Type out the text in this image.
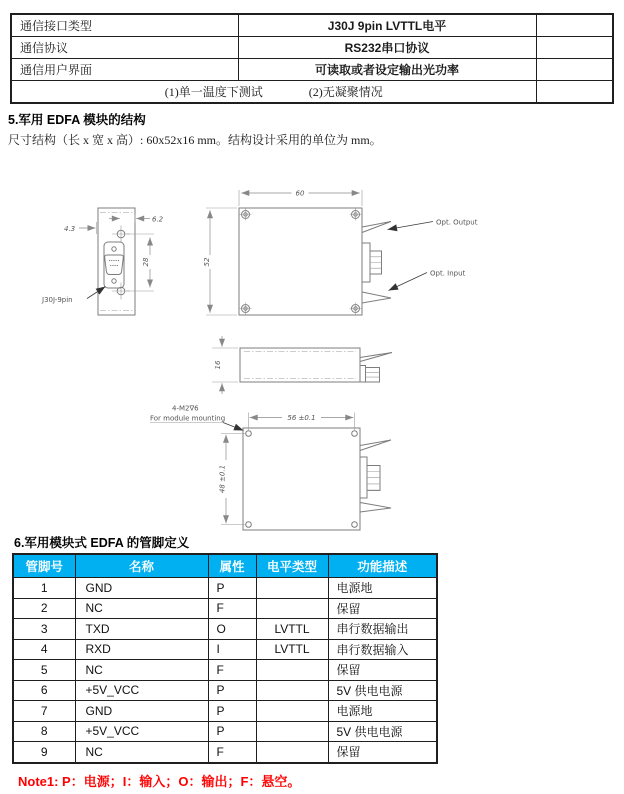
通信接口类型	J30J 9pin LVTTL电平	
通信协议	RS232串口协议	
通信用户界面	可读取或者设定输出光功率	

(1)单一温度下测试 (2)无凝聚情况		

5.军用 EDFA 模块的结构
尺寸结构（长 x 宽 x 高）: 60x52x16 mm。结构设计采用的单位为 mm。
6.2
4.3
28
J30J-9pin
60
52
Opt. Output
Opt. Input
16
56 ±0.1
48 ±0.1
4-M2∇6
For module mounting
6.军用模块式 EDFA 的管脚定义
管脚号	名称	属性	电平类型	功能描述
1	GND	P		电源地
2	NC	F		保留
3	TXD	O	LVTTL	串行数据输出
4	RXD	I	LVTTL	串行数据输入
5	NC	F		保留
6	+5V_VCC	P		5V 供电电源
7	GND	P		电源地
8	+5V_VCC	P		5V 供电电源
9	NC	F		保留
Note1: P：电源；I：输入；O：输出；F：悬空。
